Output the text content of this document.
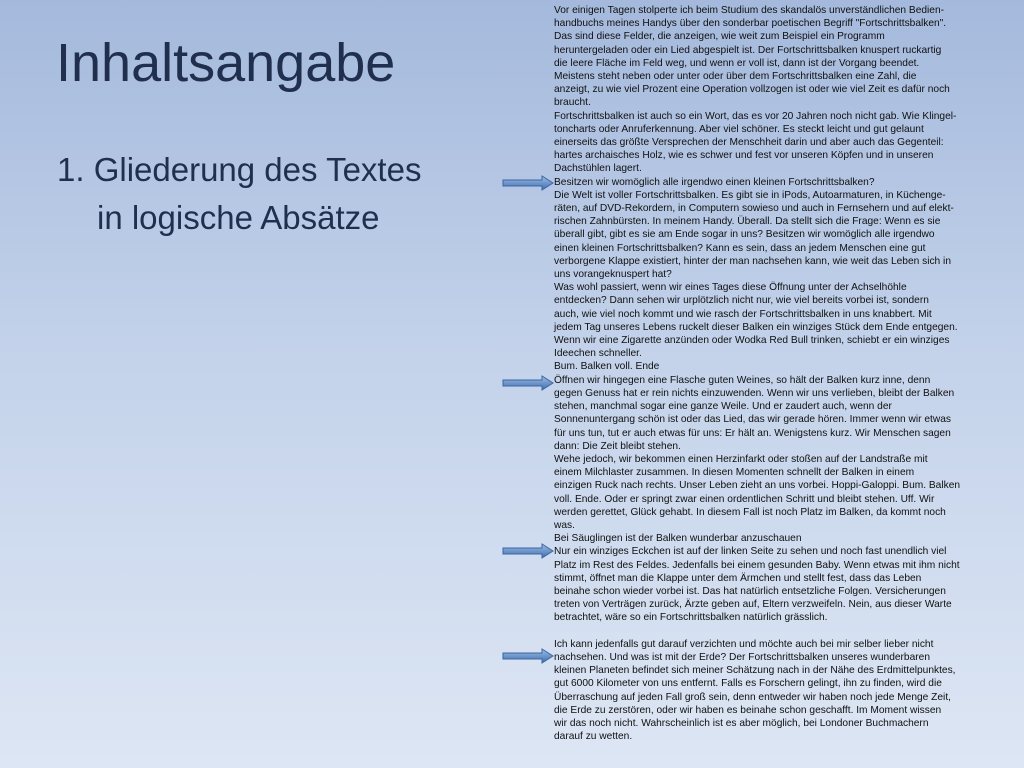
Inhaltsangabe
1. Gliederung des Textes
in logische Absätze

Vor einigen Tagen stolperte ich beim Studium des skandalös unverständlichen Bedien-

handbuchs meines Handys über den sonderbar poetischen Begriff "Fortschrittsbalken".

Das sind diese Felder, die anzeigen, wie weit zum Beispiel ein Programm

heruntergeladen oder ein Lied abgespielt ist. Der Fortschrittsbalken knuspert ruckartig

die leere Fläche im Feld weg, und wenn er voll ist, dann ist der Vorgang beendet.

Meistens steht neben oder unter oder über dem Fortschrittsbalken eine Zahl, die

anzeigt, zu wie viel Prozent eine Operation vollzogen ist oder wie viel Zeit es dafür noch

braucht.

Fortschrittsbalken ist auch so ein Wort, das es vor 20 Jahren noch nicht gab. Wie Klingel-

toncharts oder Anruferkennung. Aber viel schöner. Es steckt leicht und gut gelaunt

einerseits das größte Versprechen der Menschheit darin und aber auch das Gegenteil:

hartes archaisches Holz, wie es schwer und fest vor unseren Köpfen und in unseren

Dachstühlen lagert.

Besitzen wir womöglich alle irgendwo einen kleinen Fortschrittsbalken?

Die Welt ist voller Fortschrittsbalken. Es gibt sie in iPods, Autoarmaturen, in Küchenge-

räten, auf DVD-Rekordern, in Computern sowieso und auch in Fernsehern und auf elekt-

rischen Zahnbürsten. In meinem Handy. Überall. Da stellt sich die Frage: Wenn es sie

überall gibt, gibt es sie am Ende sogar in uns? Besitzen wir womöglich alle irgendwo

einen kleinen Fortschrittsbalken? Kann es sein, dass an jedem Menschen eine gut

verborgene Klappe existiert, hinter der man nachsehen kann, wie weit das Leben sich in

uns vorangeknuspert hat?

Was wohl passiert, wenn wir eines Tages diese Öffnung unter der Achselhöhle

entdecken? Dann sehen wir urplötzlich nicht nur, wie viel bereits vorbei ist, sondern

auch, wie viel noch kommt und wie rasch der Fortschrittsbalken in uns knabbert. Mit

jedem Tag unseres Lebens ruckelt dieser Balken ein winziges Stück dem Ende entgegen.

Wenn wir eine Zigarette anzünden oder Wodka Red Bull trinken, schiebt er ein winziges

Ideechen schneller.

Bum. Balken voll. Ende

Öffnen wir hingegen eine Flasche guten Weines, so hält der Balken kurz inne, denn

gegen Genuss hat er rein nichts einzuwenden. Wenn wir uns verlieben, bleibt der Balken

stehen, manchmal sogar eine ganze Weile. Und er zaudert auch, wenn der

Sonnenuntergang schön ist oder das Lied, das wir gerade hören. Immer wenn wir etwas

für uns tun, tut er auch etwas für uns: Er hält an. Wenigstens kurz. Wir Menschen sagen

dann: Die Zeit bleibt stehen.

Wehe jedoch, wir bekommen einen Herzinfarkt oder stoßen auf der Landstraße mit

einem Milchlaster zusammen. In diesen Momenten schnellt der Balken in einem

einzigen Ruck nach rechts. Unser Leben zieht an uns vorbei. Hoppi-Galoppi. Bum. Balken

voll. Ende. Oder er springt zwar einen ordentlichen Schritt und bleibt stehen. Uff. Wir

werden gerettet, Glück gehabt. In diesem Fall ist noch Platz im Balken, da kommt noch

was.

Bei Säuglingen ist der Balken wunderbar anzuschauen

Nur ein winziges Eckchen ist auf der linken Seite zu sehen und noch fast unendlich viel

Platz im Rest des Feldes. Jedenfalls bei einem gesunden Baby. Wenn etwas mit ihm nicht

stimmt, öffnet man die Klappe unter dem Ärmchen und stellt fest, dass das Leben

beinahe schon wieder vorbei ist. Das hat natürlich entsetzliche Folgen. Versicherungen

treten von Verträgen zurück, Ärzte geben auf, Eltern verzweifeln. Nein, aus dieser Warte

betrachtet, wäre so ein Fortschrittsbalken natürlich grässlich.

Ich kann jedenfalls gut darauf verzichten und möchte auch bei mir selber lieber nicht

nachsehen. Und was ist mit der Erde? Der Fortschrittsbalken unseres wunderbaren

kleinen Planeten befindet sich meiner Schätzung nach in der Nähe des Erdmittelpunktes,

gut 6000 Kilometer von uns entfernt. Falls es Forschern gelingt, ihn zu finden, wird die

Überraschung auf jeden Fall groß sein, denn entweder wir haben noch jede Menge Zeit,

die Erde zu zerstören, oder wir haben es beinahe schon geschafft. Im Moment wissen

wir das noch nicht. Wahrscheinlich ist es aber möglich, bei Londoner Buchmachern

darauf zu wetten.
